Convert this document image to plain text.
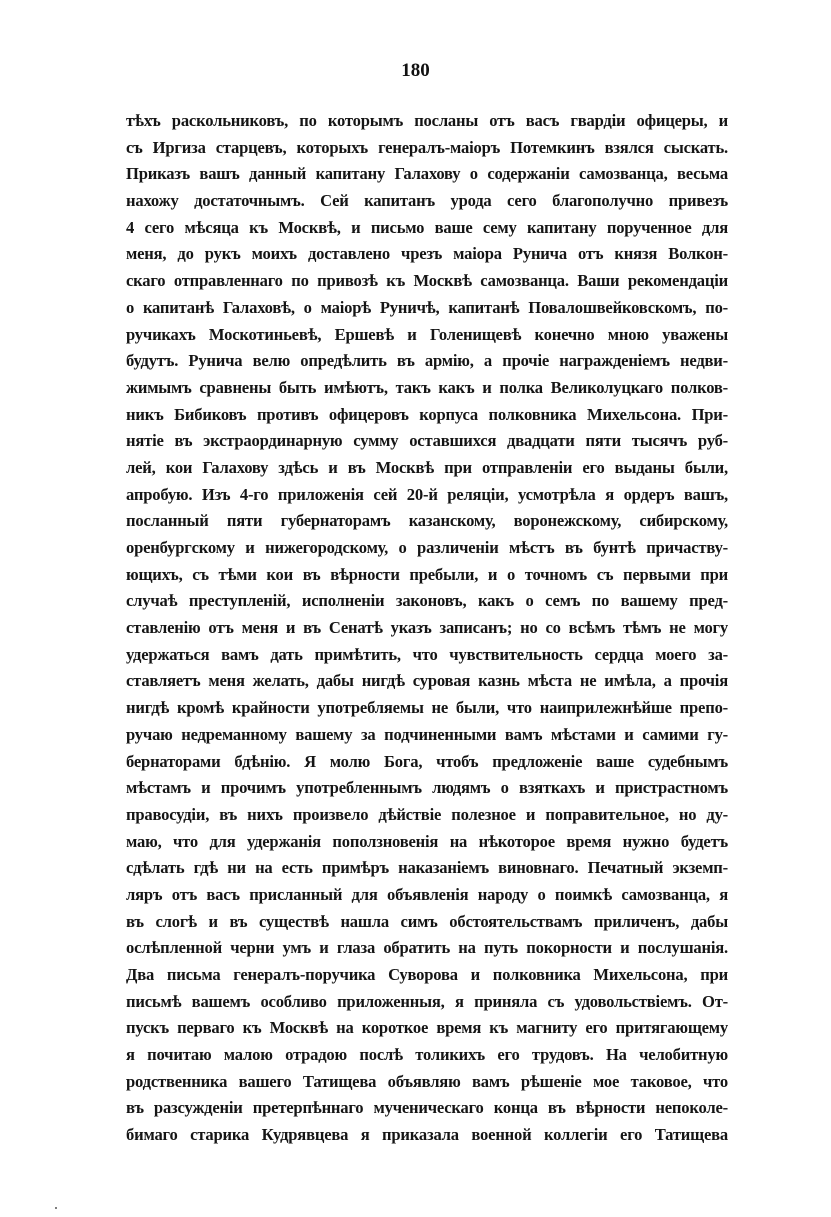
180
тѣхъ раскольниковъ, по которымъ посланы отъ васъ гвардіи офицеры, и
съ Иргиза старцевъ, которыхъ генералъ-маіоръ Потемкинъ взялся сыскать.
Приказъ вашъ данный капитану Галахову о содержаніи самозванца, весьма
нахожу достаточнымъ. Сей капитанъ урода сего благополучно привезъ
4 сего мѣсяца къ Москвѣ, и письмо ваше сему капитану порученное для
меня, до рукъ моихъ доставлено чрезъ маіора Рунича отъ князя Волкон-
скаго отправленнаго по привозѣ къ Москвѣ самозванца. Ваши рекомендаціи
о капитанѣ Галаховѣ, о маіорѣ Руничѣ, капитанѣ Повалошвейковскомъ, по-
ручикахъ Москотиньевѣ, Ершевѣ и Голенищевѣ конечно мною уважены
будутъ. Рунича велю опредѣлить въ армію, а прочіе награжденіемъ недви-
жимымъ сравнены быть имѣютъ, такъ какъ и полка Великолуцкаго полков-
никъ Бибиковъ противъ офицеровъ корпуса полковника Михельсона. При-
нятіе въ экстраординарную сумму оставшихся двадцати пяти тысячъ руб-
лей, кои Галахову здѣсь и въ Москвѣ при отправленіи его выданы были,
апробую. Изъ 4-го приложенія сей 20-й реляціи, усмотрѣла я ордеръ вашъ,
посланный пяти губернаторамъ казанскому, воронежскому, сибирскому,
оренбургскому и нижегородскому, о различеніи мѣстъ въ бунтѣ причаству-
ющихъ, съ тѣми кои въ вѣрности пребыли, и о точномъ съ первыми при
случаѣ преступленій, исполненіи законовъ, какъ о семъ по вашему пред-
ставленію отъ меня и въ Сенатѣ указъ записанъ; но со всѣмъ тѣмъ не могу
удержаться вамъ дать примѣтить, что чувствительность сердца моего за-
ставляетъ меня желать, дабы нигдѣ суровая казнь мѣста не имѣла, а прочія
нигдѣ кромѣ крайности употребляемы не были, что наиприлежнѣйше препо-
ручаю недреманному вашему за подчиненными вамъ мѣстами и самими гу-
бернаторами бдѣнію. Я молю Бога, чтобъ предложеніе ваше судебнымъ
мѣстамъ и прочимъ употребленнымъ людямъ о взяткахъ и пристрастномъ
правосудіи, въ нихъ произвело дѣйствіе полезное и поправительное, но ду-
маю, что для удержанія поползновенія на нѣкоторое время нужно будетъ
сдѣлать гдѣ ни на есть примѣръ наказаніемъ виновнаго. Печатный экземп-
ляръ отъ васъ присланный для объявленія народу о поимкѣ самозванца, я
въ слогѣ и въ существѣ нашла симъ обстоятельствамъ приличенъ, дабы
ослѣпленной черни умъ и глаза обратить на путь покорности и послушанія.
Два письма генералъ-поручика Суворова и полковника Михельсона, при
письмѣ вашемъ особливо приложенныя, я приняла съ удовольствіемъ. От-
пускъ перваго къ Москвѣ на короткое время къ магниту его притягающему
я почитаю малою отрадою послѣ толикихъ его трудовъ. На челобитную
родственника вашего Татищева объявляю вамъ рѣшеніе мое таковое, что
въ разсужденіи претерпѣннаго мученическаго конца въ вѣрности непоколе-
бимаго старика Кудрявцева я приказала военной коллегіи его Татищева
